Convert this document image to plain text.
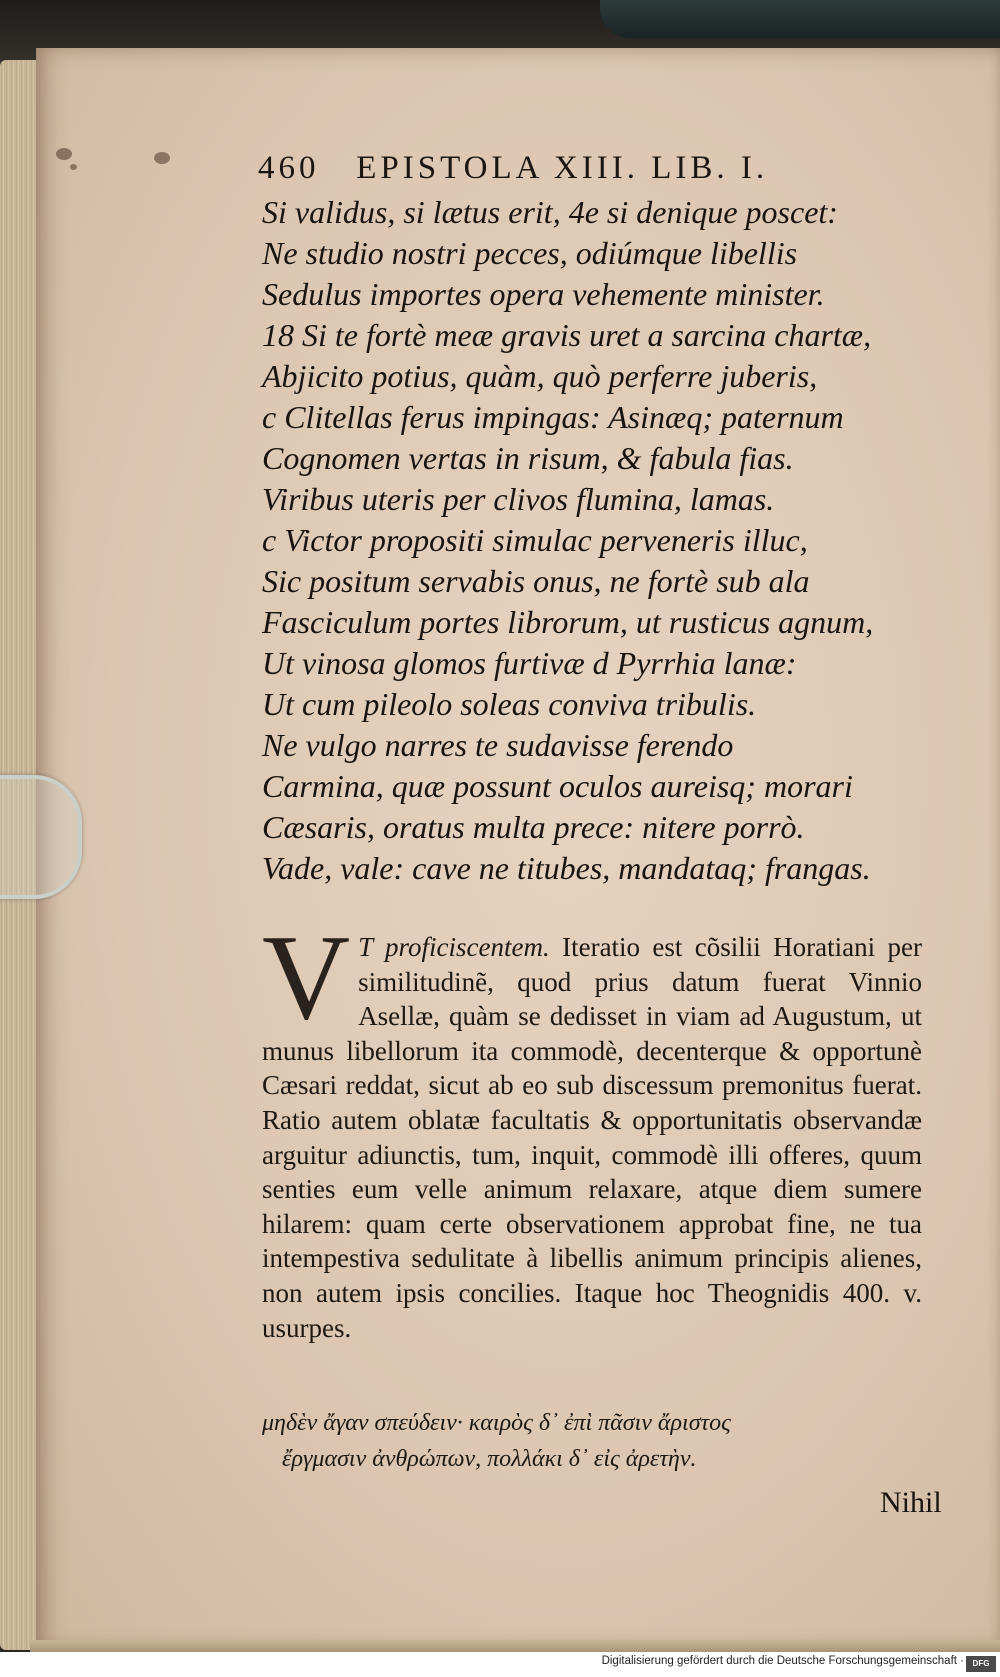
460 EPISTOLA XIII. LIB. I.
Si validus, si lætus erit, 4e si denique poscet:
Ne studio nostri pecces, odiúmque libellis
Sedulus importes opera vehemente minister.
18 Si te fortè meæ gravis uret a sarcina chartæ,
Abjicito potius, quàm, quò perferre juberis,
c Clitellas ferus impingas: Asinæq; paternum
Cognomen vertas in risum, & fabula fias.
Viribus uteris per clivos flumina, lamas.
c Victor propositi simulac perveneris illuc,
Sic positum servabis onus, ne fortè sub ala
Fasciculum portes librorum, ut rusticus agnum,
Ut vinosa glomos furtivæ d Pyrrhia lanæ:
Ut cum pileolo soleas conviva tribulis.
Ne vulgo narres te sudavisse ferendo
Carmina, quæ possunt oculos aureisq; morari
Cæsaris, oratus multa prece: nitere porrò.
Vade, vale: cave ne titubes, mandataq; frangas.

V T proficiscentem. Iteratio est cõsilii Horatiani per similitudinẽ, quod prius datum fuerat Vinnio Asellæ, quàm se dedisset in viam ad Augustum, ut munus libellorum ita commodè, decenterque & opportunè Cæsari reddat, sicut ab eo sub discessum premonitus fuerat. Ratio autem oblatæ facultatis & opportunitatis observandæ arguitur adiunctis, tum, inquit, commodè illi offeres, quum senties eum velle animum relaxare, atque diem sumere hilarem: quam certe observationem approbat fine, ne tua intempestiva sedulitate à libellis animum principis alienes, non autem ipsis concilies. Itaque hoc Theognidis 400. v. usurpes.

μηδὲν ἄγαν σπεύδειν· καιρὸς δ᾽ ἐπὶ πᾶσιν ἄριστος
ἔργμασιν ἀνθρώπων, πολλάκι δ᾽ εἰς ἀρετὴν.
Nihil
Digitalisierung gefördert durch die Deutsche Forschungsgemeinschaft ·	DFG
